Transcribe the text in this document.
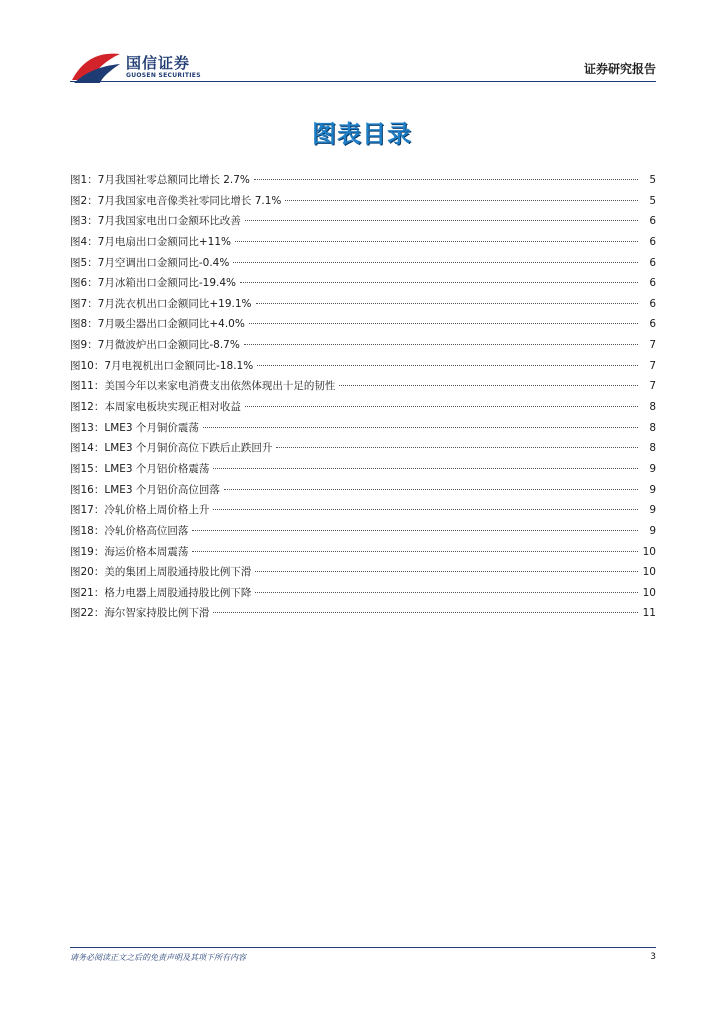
国信证券
GUOSEN SECURITIES	证券研究报告
图表目录
图1 ： 7月我国社零总额同比增长 2.7%	5
图2 ： 7月我国家电音像类社零同比增长 7.1%	5
图3 ： 7月我国家电出口金额环比改善	6
图4 ： 7月电扇出口金额同比+11%	6
图5 ： 7月空调出口金额同比-0.4%	6
图6 ： 7月冰箱出口金额同比-19.4%	6
图7 ： 7月洗衣机出口金额同比+19.1%	6
图8 ： 7月吸尘器出口金额同比+4.0%	6
图9 ： 7月微波炉出口金额同比-8.7%	7
图10 ： 7月电视机出口金额同比-18.1%	7
图11 ： 美国今年以来家电消费支出依然体现出十足的韧性	7
图12 ： 本周家电板块实现正相对收益	8
图13 ： LME3 个月铜价震荡	8
图14 ： LME3 个月铜价高位下跌后止跌回升	8
图15 ： LME3 个月铝价格震荡	9
图16 ： LME3 个月铝价高位回落	9
图17 ： 冷轧价格上周价格上升	9
图18 ： 冷轧价格高位回落	9
图19 ： 海运价格本周震荡	10
图20 ： 美的集团上周股通持股比例下滑	10
图21 ： 格力电器上周股通持股比例下降	10
图22 ： 海尔智家持股比例下滑	11
请务必阅读正文之后的免责声明及其项下所有内容	3
